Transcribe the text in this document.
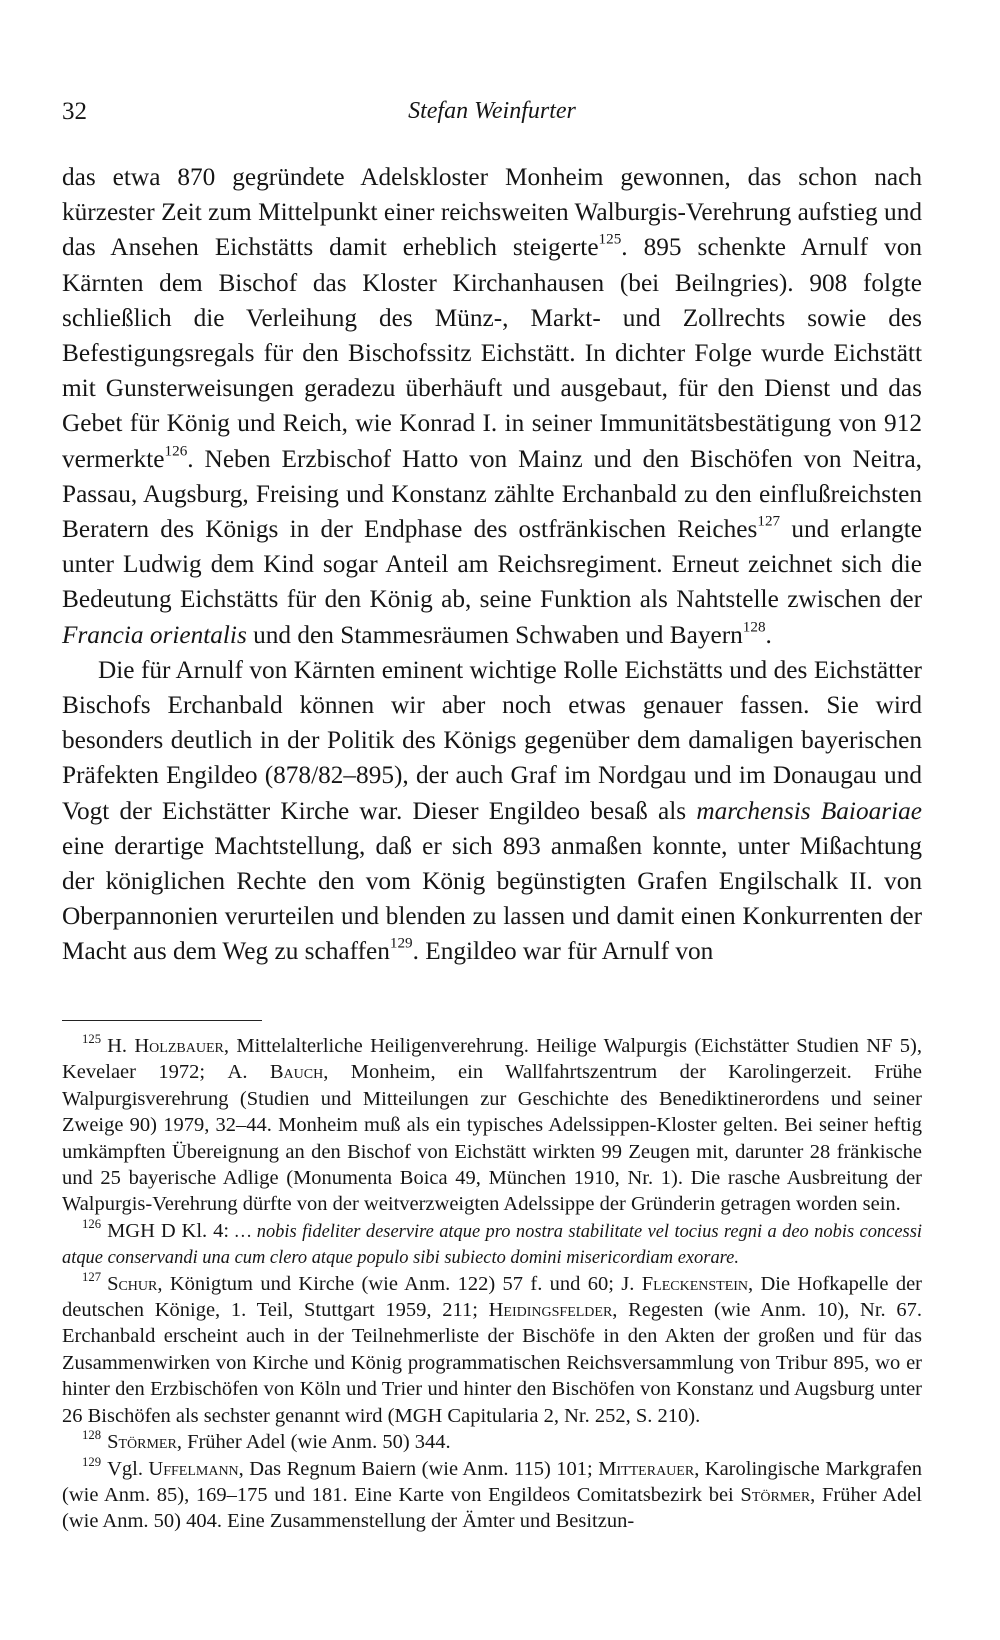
32	Stefan Weinfurter

das etwa 870 gegründete Adelskloster Monheim gewonnen, das schon nach kürzester Zeit zum Mittelpunkt einer reichsweiten Walburgis-Verehrung aufstieg und das Ansehen Eichstätts damit erheblich steigerte$^{125}$. 895 schenkte Arnulf von Kärnten dem Bischof das Kloster Kirchanhausen (bei Beilngries). 908 folgte schließlich die Verleihung des Münz-, Markt- und Zollrechts sowie des Befestigungsregals für den Bischofssitz Eichstätt. In dichter Folge wurde Eichstätt mit Gunsterweisungen geradezu überhäuft und ausgebaut, für den Dienst und das Gebet für König und Reich, wie Konrad I. in seiner Immunitätsbestätigung von 912 vermerkte$^{126}$. Neben Erzbischof Hatto von Mainz und den Bischöfen von Neitra, Passau, Augsburg, Freising und Konstanz zählte Erchanbald zu den einflußreichsten Beratern des Königs in der Endphase des ostfränkischen Reiches$^{127}$ und erlangte unter Ludwig dem Kind sogar Anteil am Reichsregiment. Erneut zeichnet sich die Bedeutung Eichstätts für den König ab, seine Funktion als Nahtstelle zwischen der Francia orientalis und den Stammesräumen Schwaben und Bayern$^{128}$.

Die für Arnulf von Kärnten eminent wichtige Rolle Eichstätts und des Eichstätter Bischofs Erchanbald können wir aber noch etwas genauer fassen. Sie wird besonders deutlich in der Politik des Königs gegenüber dem damaligen bayerischen Präfekten Engildeo (878/82–895), der auch Graf im Nordgau und im Donaugau und Vogt der Eichstätter Kirche war. Dieser Engildeo besaß als marchensis Baioariae eine derartige Machtstellung, daß er sich 893 anmaßen konnte, unter Mißachtung der königlichen Rechte den vom König begünstigten Grafen Engilschalk II. von Oberpannonien verurteilen und blenden zu lassen und damit einen Konkurrenten der Macht aus dem Weg zu schaffen$^{129}$. Engildeo war für Arnulf von

$^{125}$ H. Holzbauer, Mittelalterliche Heiligenverehrung. Heilige Walpurgis (Eichstätter Studien NF 5), Kevelaer 1972; A. Bauch, Monheim, ein Wallfahrtszentrum der Karolingerzeit. Frühe Walpurgisverehrung (Studien und Mitteilungen zur Geschichte des Benediktinerordens und seiner Zweige 90) 1979, 32–44. Monheim muß als ein typisches Adelssippen-Kloster gelten. Bei seiner heftig umkämpften Übereignung an den Bischof von Eichstätt wirkten 99 Zeugen mit, darunter 28 fränkische und 25 bayerische Adlige (Monumenta Boica 49, München 1910, Nr. 1). Die rasche Ausbreitung der Walpurgis-Verehrung dürfte von der weitverzweigten Adelssippe der Gründerin getragen worden sein.

$^{126}$ MGH D Kl. 4: … nobis fideliter deservire atque pro nostra stabilitate vel tocius regni a deo nobis concessi atque conservandi una cum clero atque populo sibi subiecto domini misericordiam exorare.

$^{127}$ Schur, Königtum und Kirche (wie Anm. 122) 57 f. und 60; J. Fleckenstein, Die Hofkapelle der deutschen Könige, 1. Teil, Stuttgart 1959, 211; Heidingsfelder, Regesten (wie Anm. 10), Nr. 67. Erchanbald erscheint auch in der Teilnehmerliste der Bischöfe in den Akten der großen und für das Zusammenwirken von Kirche und König programmatischen Reichsversammlung von Tribur 895, wo er hinter den Erzbischöfen von Köln und Trier und hinter den Bischöfen von Konstanz und Augsburg unter 26 Bischöfen als sechster genannt wird (MGH Capitularia 2, Nr. 252, S. 210).

$^{128}$ Störmer, Früher Adel (wie Anm. 50) 344.

$^{129}$ Vgl. Uffelmann, Das Regnum Baiern (wie Anm. 115) 101; Mitterauer, Karolingische Markgrafen (wie Anm. 85), 169–175 und 181. Eine Karte von Engildeos Comitatsbezirk bei Störmer, Früher Adel (wie Anm. 50) 404. Eine Zusammenstellung der Ämter und Besitzun-
